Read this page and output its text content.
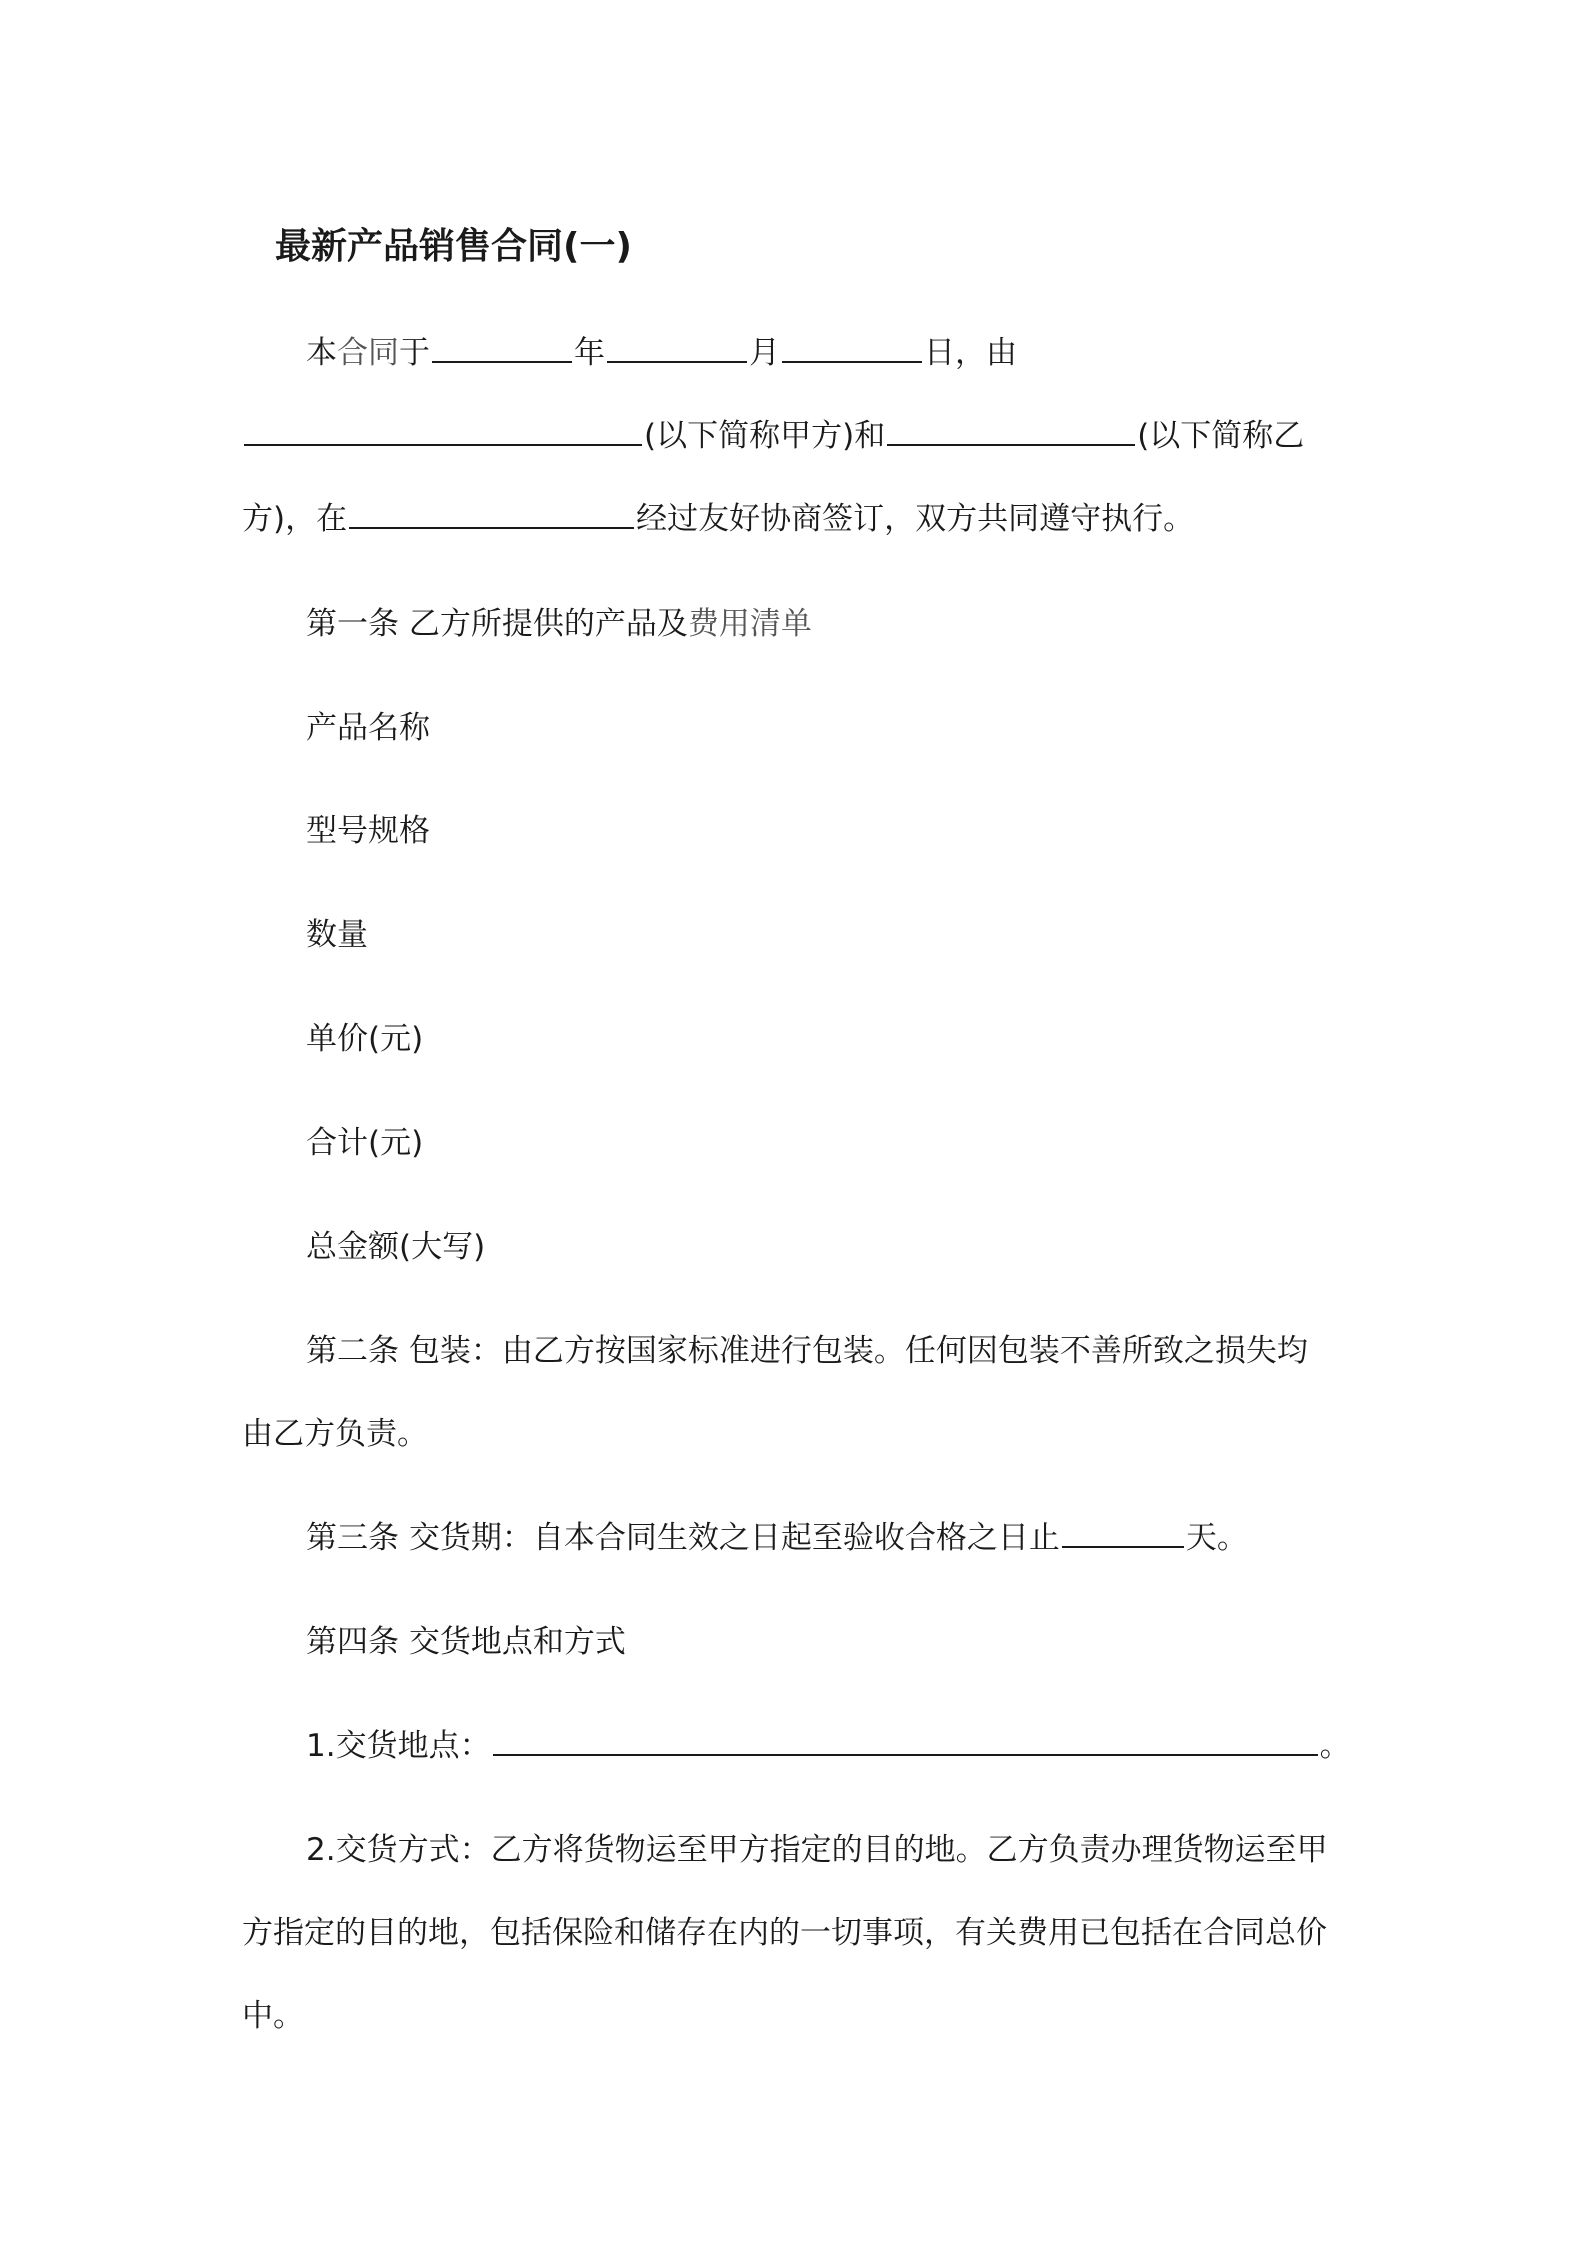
最新产品销售合同(一)
本合同于	年	月	日，由
(以下简称甲方)和	(以下简称乙
方)，在	经过友好协商签订，双方共同遵守执行。
第一条 乙方所提供的产品及费用清单
产品名称
型号规格
数量
单价(元)
合计(元)
总金额(大写)
第二条 包装：由乙方按国家标准进行包装。任何因包装不善所致之损失均
由乙方负责。
第三条 交货期：自本合同生效之日起至验收合格之日止	天。
第四条 交货地点和方式
1.交货地点：	。
2.交货方式：乙方将货物运至甲方指定的目的地。乙方负责办理货物运至甲
方指定的目的地，包括保险和储存在内的一切事项，有关费用已包括在合同总价
中。
